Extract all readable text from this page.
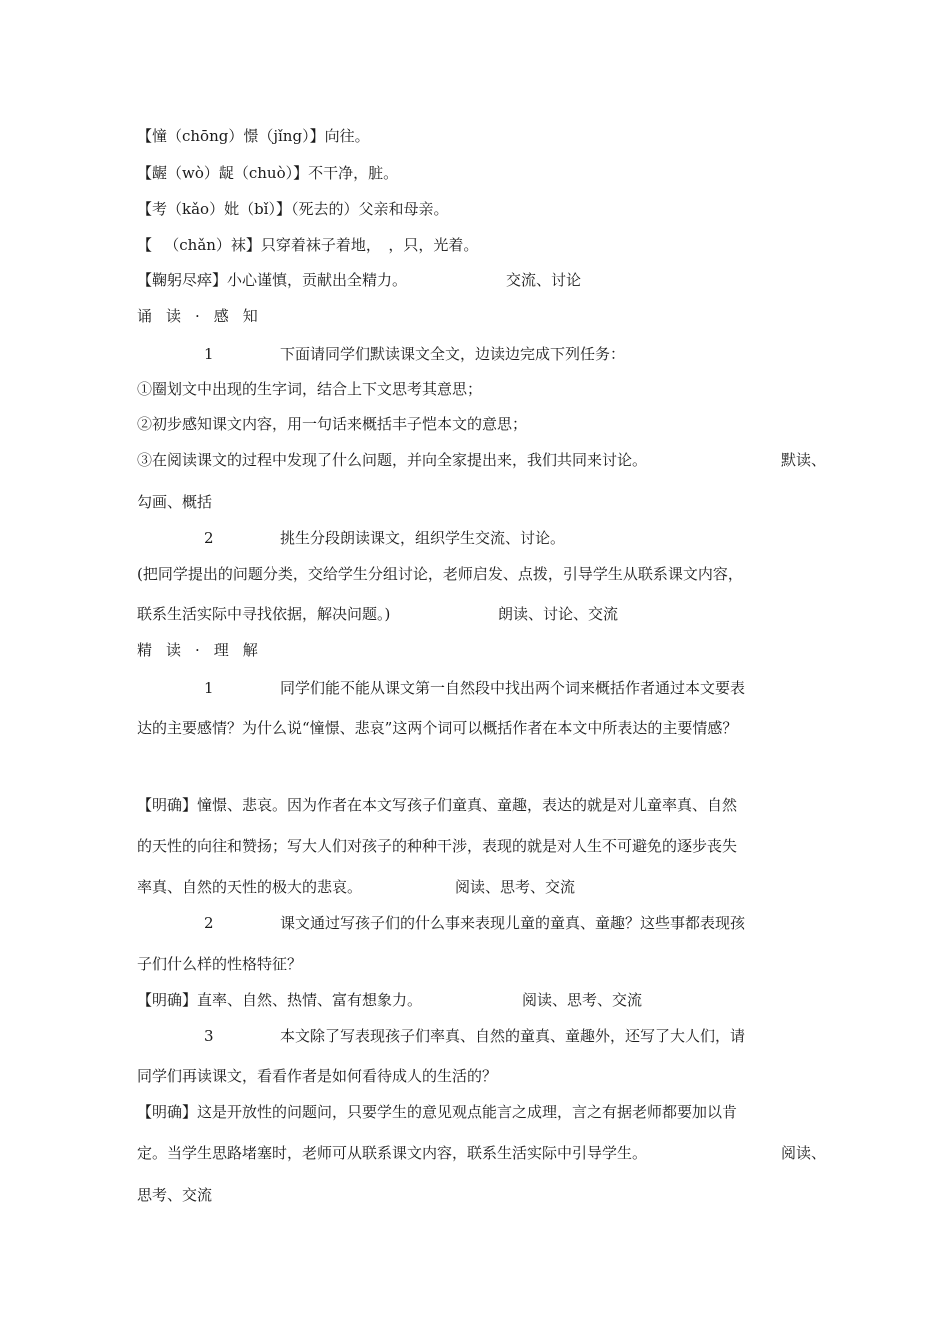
【憧（chōng）憬（jǐng）】向往。
【龌（wò）龊（chuò）】不干净，脏。
【考（kǎo）妣（bǐ）】（死去的）父亲和母亲。
【 　（chǎn）袜】只穿着袜子着地，　，只，光着。
【鞠躬尽瘁】小心谨慎，贡献出全精力。	交流、讨论
诵读·感知
1	下面请同学们默读课文全文，边读边完成下列任务：
①圈划文中出现的生字词，结合上下文思考其意思；
②初步感知课文内容，用一句话来概括丰子恺本文的意思；
③在阅读课文的过程中发现了什么问题，并向全家提出来，我们共同来讨论。	默读、
勾画、概括
2	挑生分段朗读课文，组织学生交流、讨论。
(把同学提出的问题分类，交给学生分组讨论，老师启发、点拨，引导学生从联系课文内容，
联系生活实际中寻找依据，解决问题。)	朗读、讨论、交流
精读·理解
1	同学们能不能从课文第一自然段中找出两个词来概括作者通过本文要表
达的主要感情？为什么说“憧憬、悲哀”这两个词可以概括作者在本文中所表达的主要情感？
【明确】憧憬、悲哀。因为作者在本文写孩子们童真、童趣，表达的就是对儿童率真、自然
的天性的向往和赞扬；写大人们对孩子的种种干涉，表现的就是对人生不可避免的逐步丧失
率真、自然的天性的极大的悲哀。	阅读、思考、交流
2	课文通过写孩子们的什么事来表现儿童的童真、童趣？这些事都表现孩
子们什么样的性格特征？
【明确】直率、自然、热情、富有想象力。	阅读、思考、交流
3	本文除了写表现孩子们率真、自然的童真、童趣外，还写了大人们，请
同学们再读课文，看看作者是如何看待成人的生活的？
【明确】这是开放性的问题问，只要学生的意见观点能言之成理，言之有据老师都要加以肯
定。当学生思路堵塞时，老师可从联系课文内容，联系生活实际中引导学生。	阅读、
思考、交流
